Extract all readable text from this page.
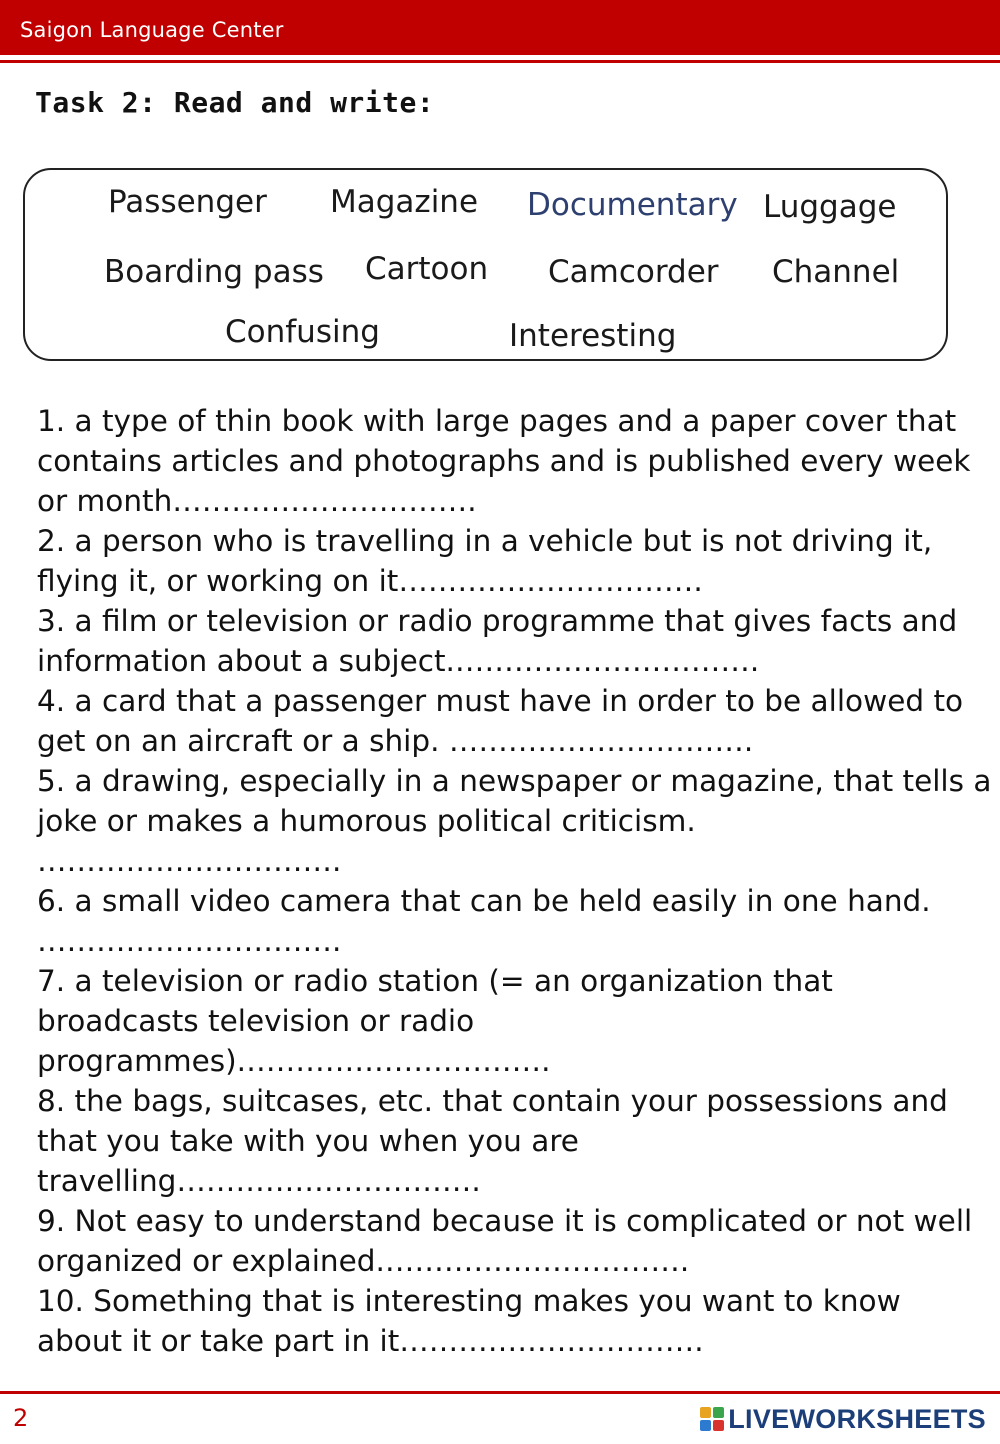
Saigon Language Center
Task 2: Read and write:
Passenger Magazine Documentary Luggage
Boarding pass Cartoon Camcorder Channel
Confusing	Interesting
1. a type of thin book with large pages and a paper cover that contains articles and photographs and is published every week or month………………………….
2. a person who is travelling in a vehicle but is not driving it, flying it, or working on it………………………….
3. a film or television or radio programme that gives facts and information about a subject.………………………….
4. a card that a passenger must have in order to be allowed to get on an aircraft or a ship. ………………………….
5. a drawing, especially in a newspaper or magazine, that tells a joke or makes a humorous political criticism. ………………………….
6. a small video camera that can be held easily in one hand. ………………………….
7. a television or radio station (= an organization that broadcasts television or radio programmes).………………………….
8. the bags, suitcases, etc. that contain your possessions and that you take with you when you are travelling………………………….
9. Not easy to understand because it is complicated or not well organized or explained.………………………….
10. Something that is interesting makes you want to know about it or take part in it………………………….
2	LIVEWORKSHEETS
